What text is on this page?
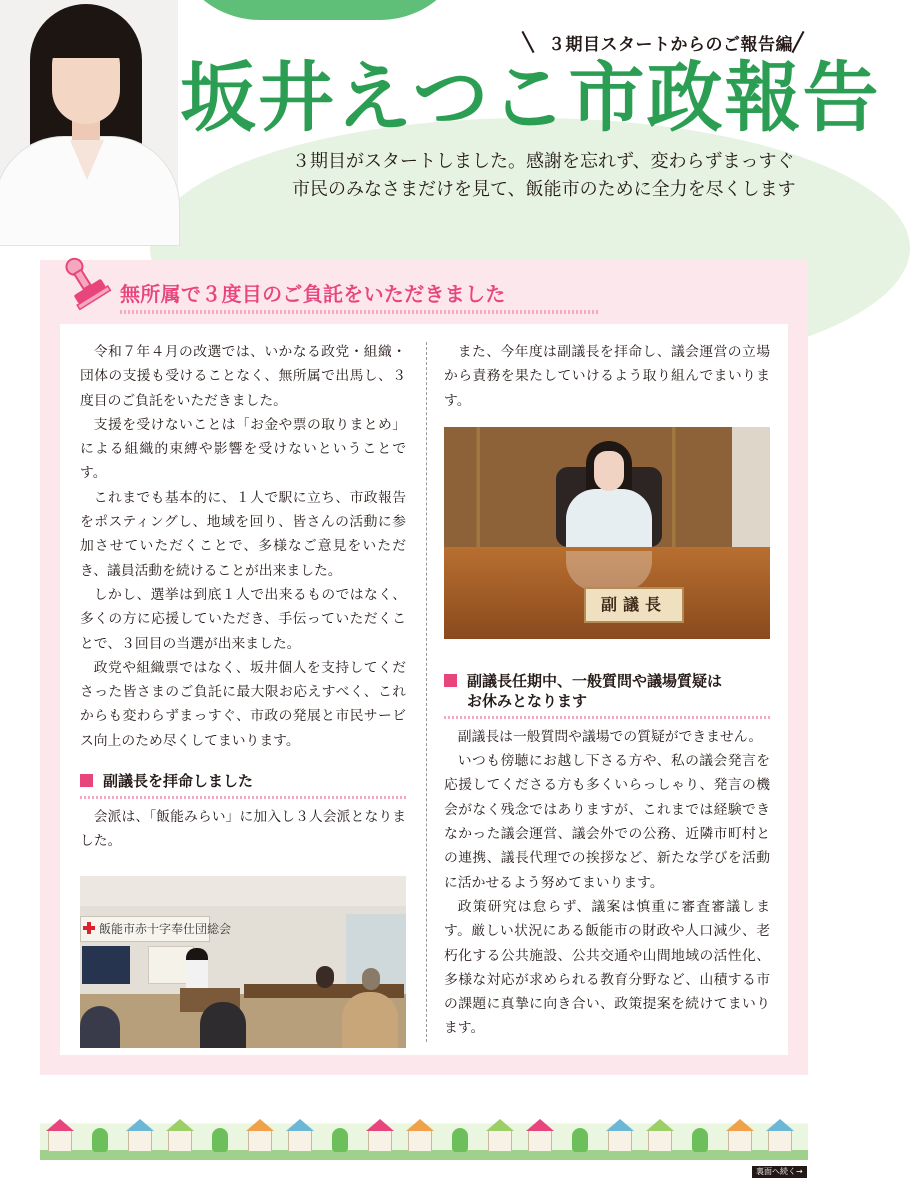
３期目スタートからのご報告編
坂井えつこ市政報告
３期目がスタートしました。感謝を忘れず、変わらずまっすぐ
市民のみなさまだけを見て、飯能市のために全力を尽くします
無所属で３度目のご負託をいただきました

令和７年４月の改選では、いかなる政党・組織・団体の支援も受けることなく、無所属で出馬し、３度目のご負託をいただきました。

支援を受けないことは「お金や票の取りまとめ」による組織的束縛や影響を受けないということです。

これまでも基本的に、１人で駅に立ち、市政報告をポスティングし、地域を回り、皆さんの活動に参加させていただくことで、多様なご意見をいただき、議員活動を続けることが出来ました。

しかし、選挙は到底１人で出来るものではなく、多くの方に応援していただき、手伝っていただくことで、３回目の当選が出来ました。

政党や組織票ではなく、坂井個人を支持してくださった皆さまのご負託に最大限お応えすべく、これからも変わらずまっすぐ、市政の発展と市民サービス向上のため尽くしてまいります。

副議長を拝命しました

会派は、「飯能みらい」に加入し３人会派となりました。

飯能市赤十字奉仕団総会

また、今年度は副議長を拝命し、議会運営の立場から責務を果たしていけるよう取り組んでまいります。

副議長
副議長任期中、一般質問や議場質疑は
お休みとなります

副議長は一般質問や議場での質疑ができません。

いつも傍聴にお越し下さる方や、私の議会発言を応援してくださる方も多くいらっしゃり、発言の機会がなく残念ではありますが、これまでは経験できなかった議会運営、議会外での公務、近隣市町村との連携、議長代理での挨拶など、新たな学びを活動に活かせるよう努めてまいります。

政策研究は怠らず、議案は慎重に審査審議します。厳しい状況にある飯能市の財政や人口減少、老朽化する公共施設、公共交通や山間地域の活性化、多様な対応が求められる教育分野など、山積する市の課題に真摯に向き合い、政策提案を続けてまいります。

裏面へ続く→
